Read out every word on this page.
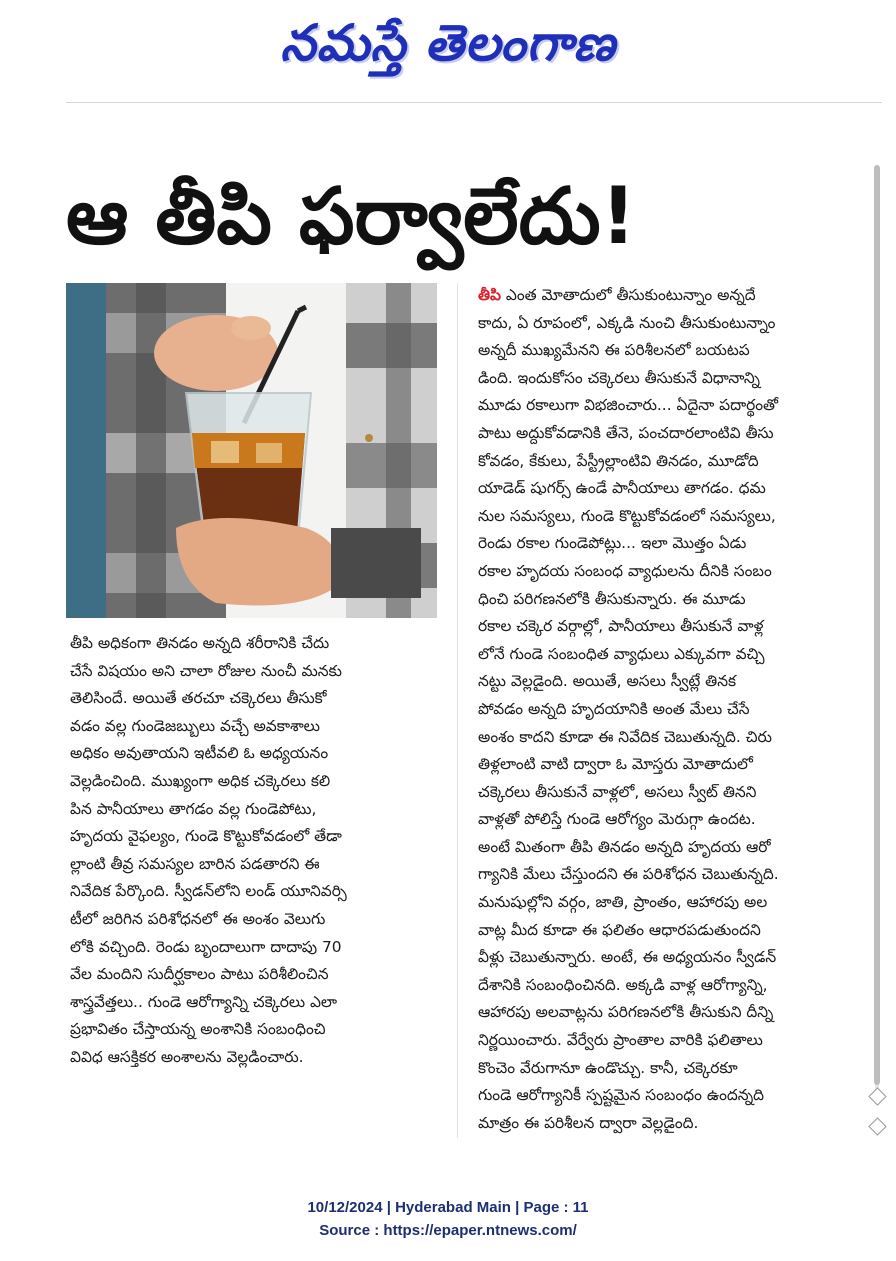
నమస్తే తెలంగాణ
ఆ తీపి ఫర్వాలేదు!
తీపి అధికంగా తినడం అన్నది శరీరానికి చేదు
చేసే విషయం అని చాలా రోజుల నుంచీ మనకు
తెలిసిందే. అయితే తరచూ చక్కెరలు తీసుకో
వడం వల్ల గుండెజబ్బులు వచ్చే అవకాశాలు
అధికం అవుతాయని ఇటీవలి ఓ అధ్యయనం
వెల్లడించింది. ముఖ్యంగా అధిక చక్కెరలు కలి
పిన పానీయాలు తాగడం వల్ల గుండెపోటు,
హృదయ వైఫల్యం, గుండె కొట్టుకోవడంలో తేడా
ల్లాంటి తీవ్ర సమస్యల బారిన పడతారని ఈ
నివేదిక పేర్కొంది. స్వీడన్‌లోని లండ్ యూనివర్సి
టీలో జరిగిన పరిశోధనలో ఈ అంశం వెలుగు
లోకి వచ్చింది. రెండు బృందాలుగా దాదాపు 70
వేల మందిని సుదీర్ఘకాలం పాటు పరిశీలించిన
శాస్త్రవేత్తలు.. గుండె ఆరోగ్యాన్ని చక్కెరలు ఎలా
ప్రభావితం చేస్తాయన్న అంశానికి సంబంధించి
వివిధ ఆసక్తికర అంశాలను వెల్లడించారు.
తీపి ఎంత మోతాదులో తీసుకుంటున్నాం అన్నదే
కాదు, ఏ రూపంలో, ఎక్కడి నుంచి తీసుకుంటున్నాం
అన్నదీ ముఖ్యమేనని ఈ పరిశీలనలో బయటప
డింది. ఇందుకోసం చక్కెరలు తీసుకునే విధానాన్ని
మూడు రకాలుగా విభజించారు... ఏదైనా పదార్థంతో
పాటు అద్దుకోవడానికి తేనె, పంచదారలాంటివి తీసు
కోవడం, కేకులు, పేస్ట్రీల్లాంటివి తినడం, మూడోది
యాడెడ్ షుగర్స్ ఉండే పానీయాలు తాగడం. ధమ
నుల సమస్యలు, గుండె కొట్టుకోవడంలో సమస్యలు,
రెండు రకాల గుండెపోట్లు... ఇలా మొత్తం ఏడు
రకాల హృదయ సంబంధ వ్యాధులను దీనికి సంబం
ధించి పరిగణనలోకి తీసుకున్నారు. ఈ మూడు
రకాల చక్కెర వర్గాల్లో, పానీయాలు తీసుకునే వాళ్ల
లోనే గుండె సంబంధిత వ్యాధులు ఎక్కువగా వచ్చి
నట్టు వెల్లడైంది. అయితే, అసలు స్వీట్లే తినక
పోవడం అన్నది హృదయానికి అంత మేలు చేసే
అంశం కాదని కూడా ఈ నివేదిక చెబుతున్నది. చిరు
తిళ్లలాంటి వాటి ద్వారా ఓ మోస్తరు మోతాదులో
చక్కెరలు తీసుకునే వాళ్లలో, అసలు స్వీట్ తినని
వాళ్లతో పోలిస్తే గుండె ఆరోగ్యం మెరుగ్గా ఉందట.
అంటే మితంగా తీపి తినడం అన్నది హృదయ ఆరో
గ్యానికి మేలు చేస్తుందని ఈ పరిశోధన చెబుతున్నది.
మనుషుల్లోని వర్గం, జాతి, ప్రాంతం, ఆహారపు అల
వాట్ల మీద కూడా ఈ ఫలితం ఆధారపడుతుందని
వీళ్లు చెబుతున్నారు. అంటే, ఈ అధ్యయనం స్వీడన్
దేశానికి సంబంధించినది. అక్కడి వాళ్ల ఆరోగ్యాన్ని,
ఆహారపు అలవాట్లను పరిగణనలోకి తీసుకుని దీన్ని
నిర్ణయించారు. వేర్వేరు ప్రాంతాల వారికి ఫలితాలు
కొంచెం వేరుగానూ ఉండొచ్చు. కానీ, చక్కెరకూ
గుండె ఆరోగ్యానికీ స్పష్టమైన సంబంధం ఉందన్నది
మాత్రం ఈ పరిశీలన ద్వారా వెల్లడైంది.
10/12/2024 | Hyderabad Main | Page : 11
Source : https://epaper.ntnews.com/
